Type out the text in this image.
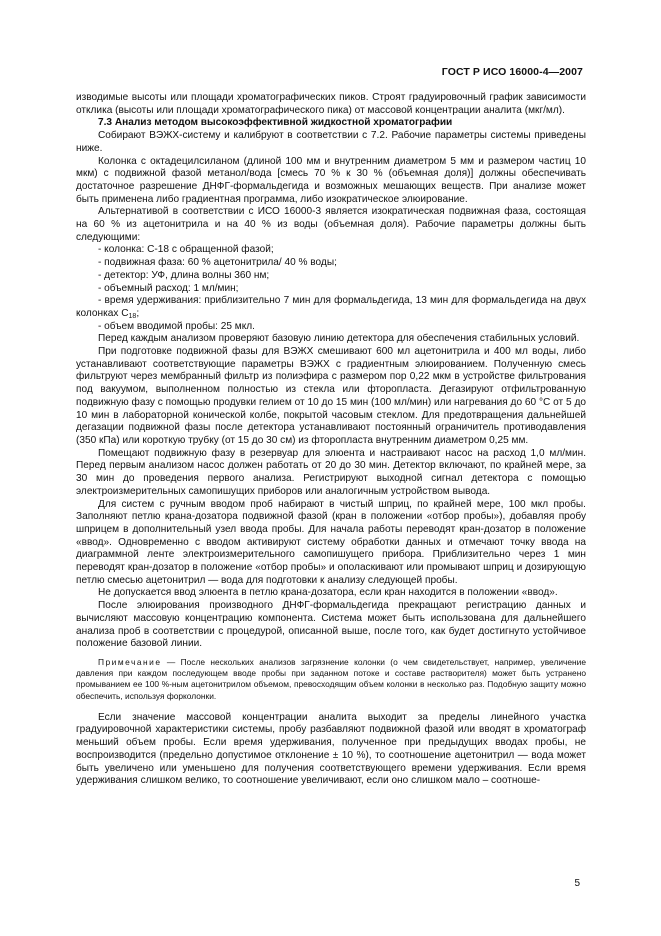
ГОСТ Р ИСО 16000-4—2007

изводимые высоты или площади хроматографических пиков. Строят градуировочный график зависимости отклика (высоты или площади хроматографического пика) от массовой концентрации аналита (мкг/мл).

7.3 Анализ методом высокоэффективной жидкостной хроматографии

Собирают ВЭЖХ-систему и калибруют в соответствии с 7.2. Рабочие параметры системы приведены ниже.

Колонка с октадецилсиланом (длиной 100 мм и внутренним диаметром 5 мм и размером частиц 10 мкм) с подвижной фазой метанол/вода [смесь 70 % к 30 % (объемная доля)] должны обеспечивать достаточное разрешение ДНФГ-формальдегида и возможных мешающих веществ. При анализе может быть применена либо градиентная программа, либо изократическое элюирование.

Альтернативой в соответствии с ИСО 16000-3 является изократическая подвижная фаза, состоящая на 60 % из ацетонитрила и на 40 % из воды (объемная доля). Рабочие параметры должны быть следующими:

- колонка: С-18 с обращенной фазой;

- подвижная фаза: 60 % ацетонитрила/ 40 % воды;

- детектор: УФ, длина волны 360 нм;

- объемный расход: 1 мл/мин;

- время удерживания: приблизительно 7 мин для формальдегида, 13 мин для формальдегида на двух колонках $С_{18}$;

- объем вводимой пробы: 25 мкл.

Перед каждым анализом проверяют базовую линию детектора для обеспечения стабильных условий.

При подготовке подвижной фазы для ВЭЖХ смешивают 600 мл ацетонитрила и 400 мл воды, либо устанавливают соответствующие параметры ВЭЖХ с градиентным элюированием. Полученную смесь фильтруют через мембранный фильтр из полиэфира с размером пор 0,22 мкм в устройстве фильтрования под вакуумом, выполненном полностью из стекла или фторопласта. Дегазируют отфильтрованную подвижную фазу с помощью продувки гелием от 10 до 15 мин (100 мл/мин) или нагревания до 60 °С от 5 до 10 мин в лабораторной конической колбе, покрытой часовым стеклом. Для предотвращения дальнейшей дегазации подвижной фазы после детектора устанавливают постоянный ограничитель противодавления (350 кПа) или короткую трубку (от 15 до 30 см) из фторопласта внутренним диаметром 0,25 мм.

Помещают подвижную фазу в резервуар для элюента и настраивают насос на расход 1,0 мл/мин. Перед первым анализом насос должен работать от 20 до 30 мин. Детектор включают, по крайней мере, за 30 мин до проведения первого анализа. Регистрируют выходной сигнал детектора с помощью электроизмерительных самопишущих приборов или аналогичным устройством вывода.

Для систем с ручным вводом проб набирают в чистый шприц, по крайней мере, 100 мкл пробы. Заполняют петлю крана-дозатора подвижной фазой (кран в положении «отбор пробы»), добавляя пробу шприцем в дополнительный узел ввода пробы. Для начала работы переводят кран-дозатор в положение «ввод». Одновременно с вводом активируют систему обработки данных и отмечают точку ввода на диаграммной ленте электроизмерительного самопишущего прибора. Приблизительно через 1 мин переводят кран-дозатор в положение «отбор пробы» и ополаскивают или промывают шприц и дозирующую петлю смесью ацетонитрил — вода для подготовки к анализу следующей пробы.

Не допускается ввод элюента в петлю крана-дозатора, если кран находится в положении «ввод».

После элюирования производного ДНФГ-формальдегида прекращают регистрацию данных и вычисляют массовую концентрацию компонента. Система может быть использована для дальнейшего анализа проб в соответствии с процедурой, описанной выше, после того, как будет достигнуто устойчивое положение базовой линии.

Примечание — После нескольких анализов загрязнение колонки (о чем свидетельствует, например, увеличение давления при каждом последующем вводе пробы при заданном потоке и составе растворителя) может быть устранено промыванием ее 100 %-ным ацетонитрилом объемом, превосходящим объем колонки в несколько раз. Подобную защиту можно обеспечить, используя форколонки.

Если значение массовой концентрации аналита выходит за пределы линейного участка градуировочной характеристики системы, пробу разбавляют подвижной фазой или вводят в хроматограф меньший объем пробы. Если время удерживания, полученное при предыдущих вводах пробы, не воспроизводится (предельно допустимое отклонение ± 10 %), то соотношение ацетонитрил — вода может быть увеличено или уменьшено для получения соответствующего времени удерживания. Если время удерживания слишком велико, то соотношение увеличивают, если оно слишком мало – соотноше-

5
